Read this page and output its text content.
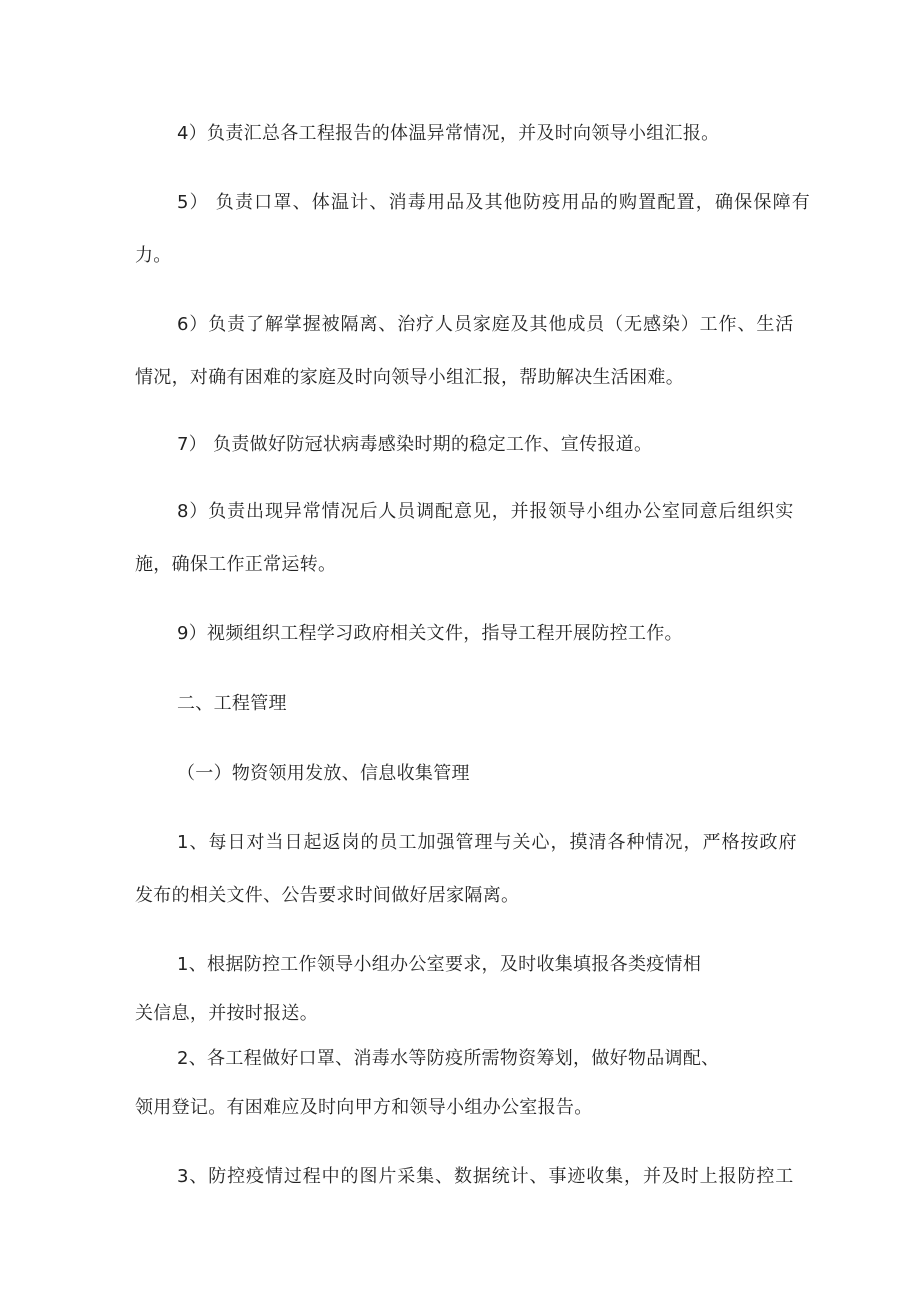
4）负责汇总各工程报告的体温异常情况，并及时向领导小组汇报。
5） 负责口罩、体温计、消毒用品及其他防疫用品的购置配置，确保保障有
力。
6）负责了解掌握被隔离、治疗人员家庭及其他成员（无感染）工作、生活
情况，对确有困难的家庭及时向领导小组汇报，帮助解决生活困难。
7） 负责做好防冠状病毒感染时期的稳定工作、宣传报道。
8）负责出现异常情况后人员调配意见，并报领导小组办公室同意后组织实
施，确保工作正常运转。
9）视频组织工程学习政府相关文件，指导工程开展防控工作。
二、工程管理
（一）物资领用发放、信息收集管理
1、每日对当日起返岗的员工加强管理与关心，摸清各种情况，严格按政府
发布的相关文件、公告要求时间做好居家隔离。
1、根据防控工作领导小组办公室要求，及时收集填报各类疫情相
关信息，并按时报送。
2、各工程做好口罩、消毒水等防疫所需物资筹划，做好物品调配、
领用登记。有困难应及时向甲方和领导小组办公室报告。
3、防控疫情过程中的图片采集、数据统计、事迹收集，并及时上报防控工
